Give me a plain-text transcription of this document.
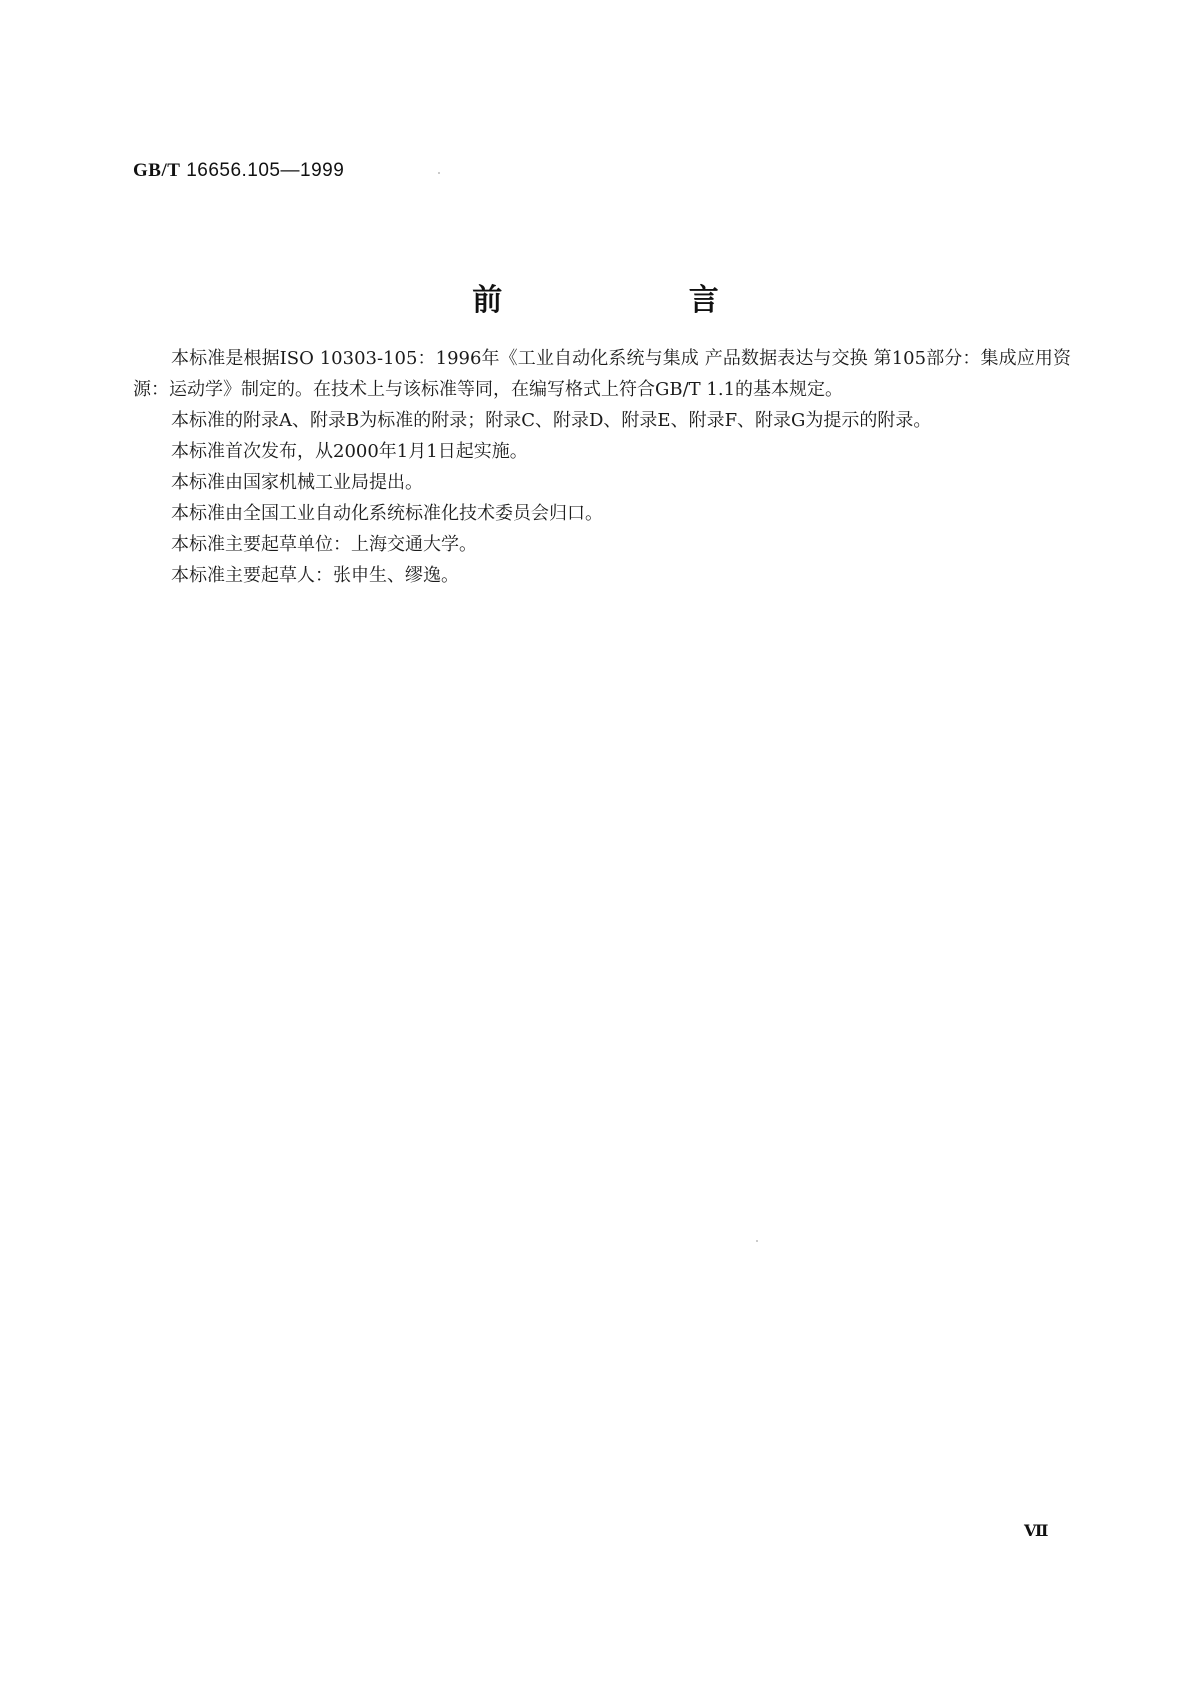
GB/T 16656.105—1999
前 言

本标准是根据ISO 10303-105：1996年《工业自动化系统与集成 产品数据表达与交换 第105部分：集成应用资源：运动学》制定的。在技术上与该标准等同，在编写格式上符合GB/T 1.1的基本规定。

本标准的附录A、附录B为标准的附录；附录C、附录D、附录E、附录F、附录G为提示的附录。

本标准首次发布，从2000年1月1日起实施。

本标准由国家机械工业局提出。

本标准由全国工业自动化系统标准化技术委员会归口。

本标准主要起草单位：上海交通大学。

本标准主要起草人：张申生、缪逸。

Ⅶ
